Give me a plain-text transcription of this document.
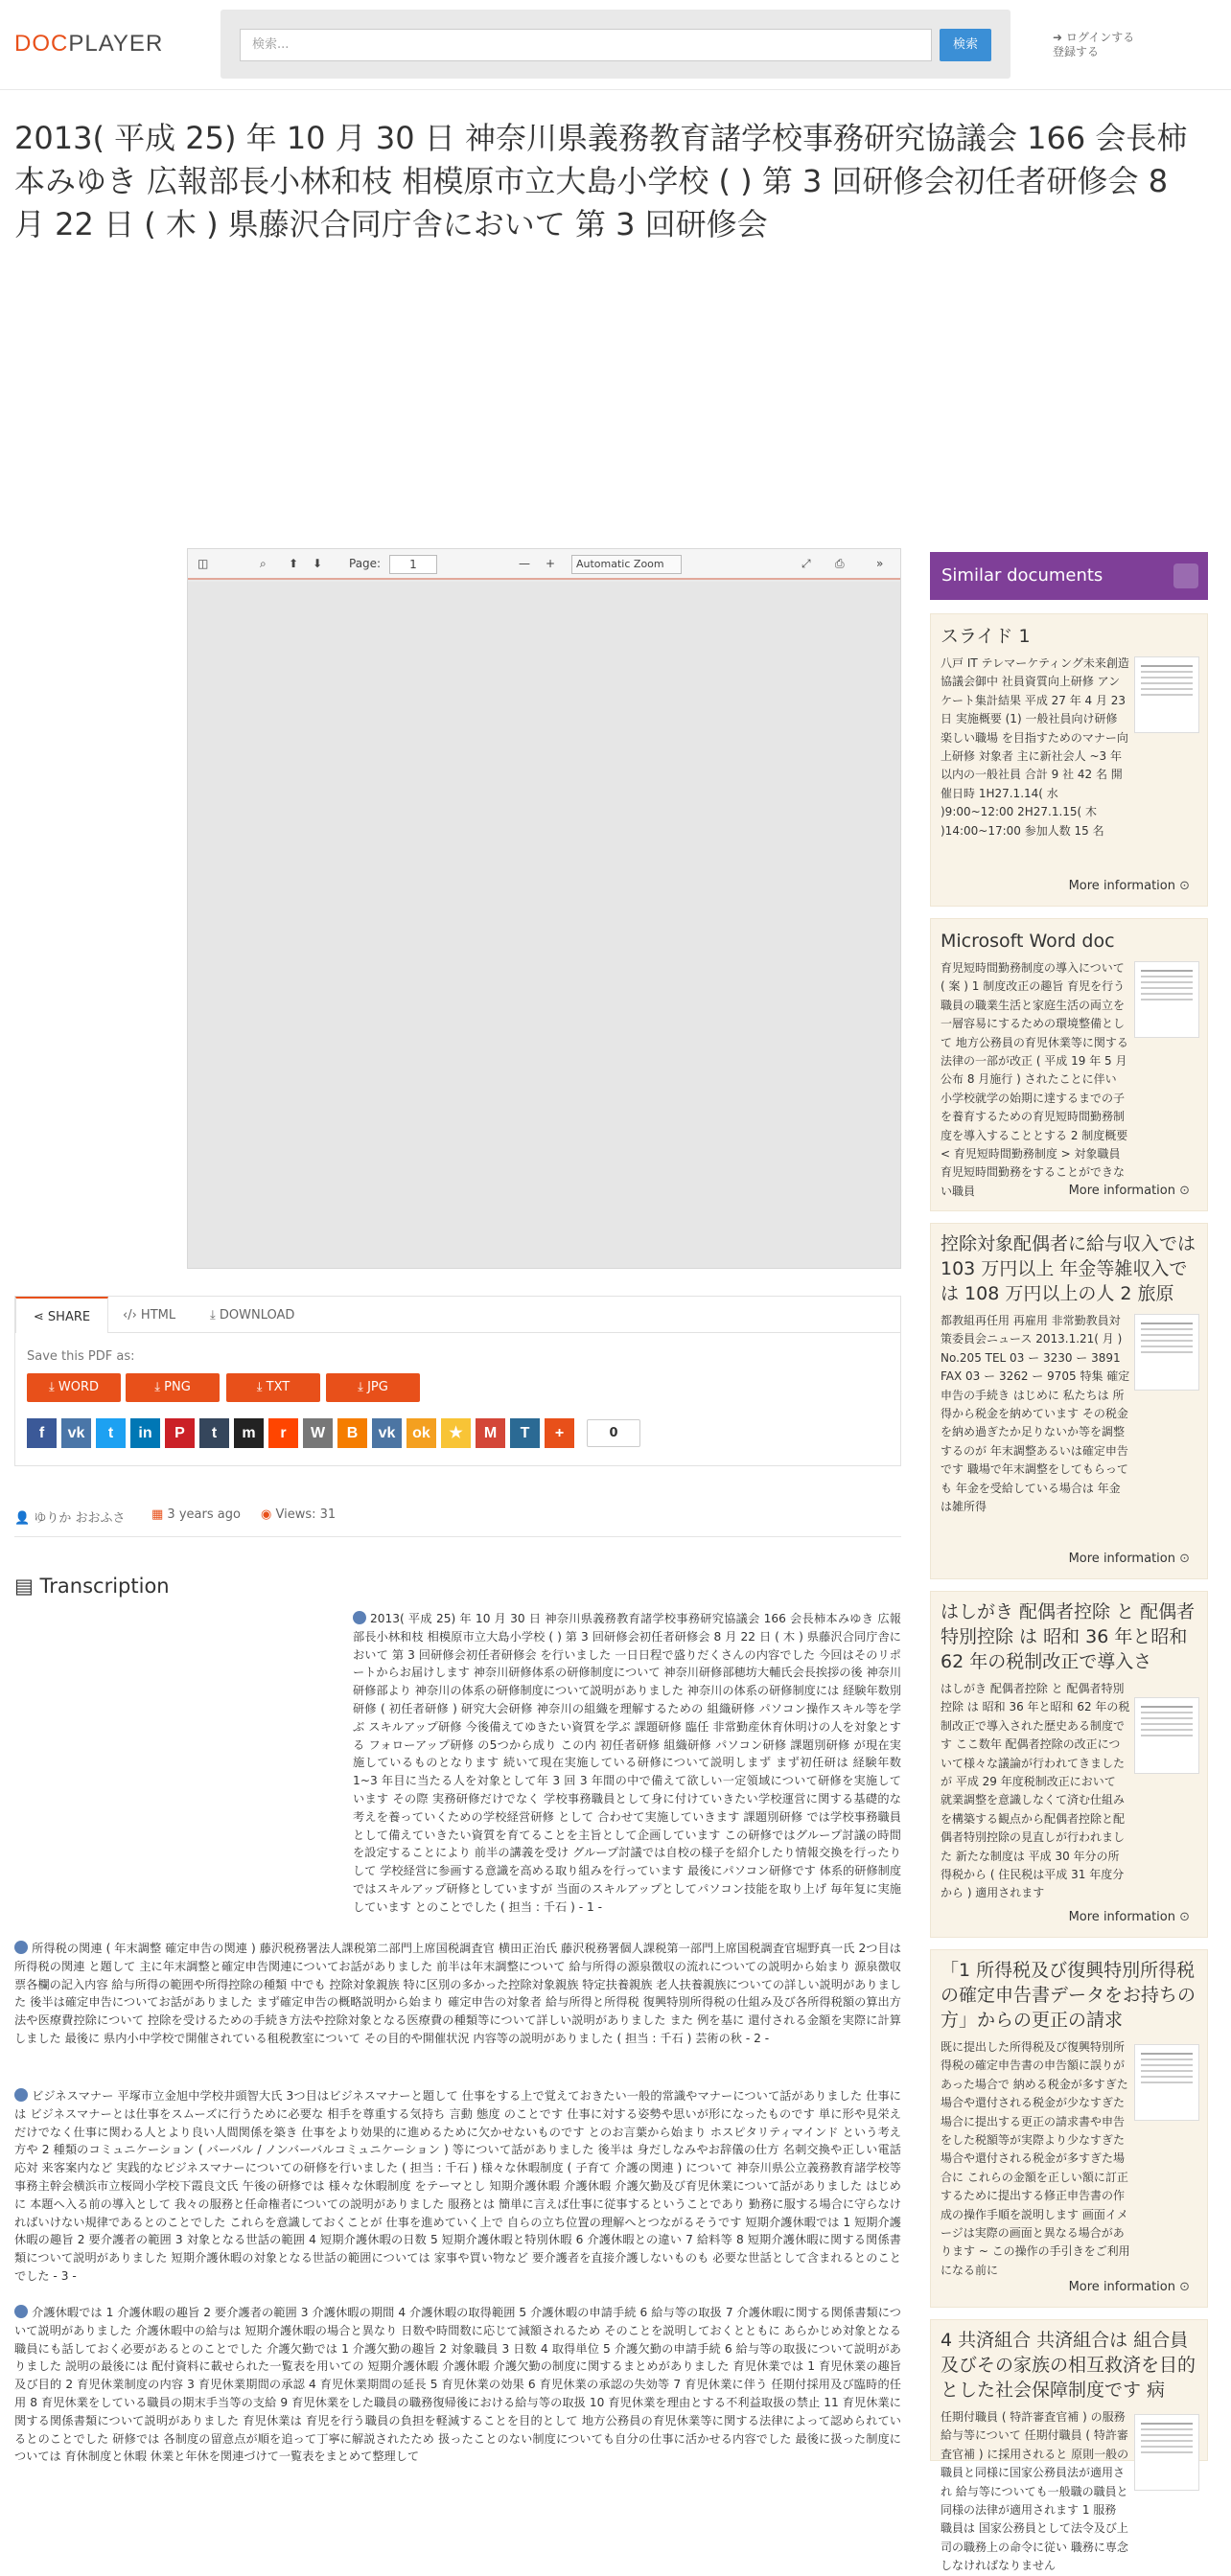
DOCPLAYER	検索...	検索	➜ ログインする
登録する
2013( 平成 25) 年 10 月 30 日 神奈川県義務教育諸学校事務研究協議会 166 会長柿本みゆき 広報部長小林和枝 相模原市立大島小学校 ( ) 第 3 回研修会初任者研修会 8 月 22 日 ( 木 ) 県藤沢合同庁舎において 第 3 回研修会
◫	⌕ ⬆ ⬇ Page:	1	— +	Automatic Zoom	⤢ ⎙	»
⋖ SHARE	‹/› HTML	⤓ DOWNLOAD
Save this PDF as:
⤓ WORD	⤓ PNG	⤓ TXT	⤓ JPG
f	vk	t	in	P	t	m	r	W	B	vk	ok	★	M	T	+	0
👤 ゆりか おおふさ ▦ 3 years ago ◉ Views: 31
▤ Transcription
2013( 平成 25) 年 10 月 30 日 神奈川県義務教育諸学校事務研究協議会 166 会長柿本みゆき 広報部長小林和枝 相模原市立大島小学校 ( ) 第 3 回研修会初任者研修会 8 月 22 日 ( 木 ) 県藤沢合同庁舎において 第 3 回研修会初任者研修会 を行いました 一日日程で盛りだくさんの内容でした 今回はそのリポートからお届けします 神奈川研修体系の研修制度について 神奈川研修部穂坊大輔氏会長挨拶の後 神奈川研修部より 神奈川の体系の研修制度について説明がありました 神奈川の体系の研修制度には 経験年数別研修 ( 初任者研修 ) 研究大会研修 神奈川の組織を理解するための 組織研修 パソコン操作スキル等を学ぶ スキルアップ研修 今後備えてゆきたい資質を学ぶ 課題研修 臨任 非常勤産休育休明けの人を対象とする フォローアップ研修 の5つから成り この内 初任者研修 組織研修 パソコン研修 課題別研修 が現在実施しているものとなります 続いて現在実施している研修について説明しまず まず初任研は 経験年数 1~3 年目に当たる人を対象として年 3 回 3 年間の中で備えて欲しい一定領域について研修を実施しています その際 実務研修だけでなく 学校事務職員として身に付けていきたい学校運営に関する基礎的な考えを養っていくための学校経営研修 として 合わせて実施していきます 課題別研修 では学校事務職員として備えていきたい資質を育てることを主旨として企画しています この研修ではグループ討議の時間を設定することにより 前半の講義を受け グループ討議では自校の様子を紹介したり情報交換を行ったりして 学校経営に参画する意識を高める取り組みを行っています 最後にパソコン研修です 体系的研修制度ではスキルアップ研修としていますが 当面のスキルアップとしてパソコン技能を取り上げ 毎年复に実施しています とのことでした ( 担当 : 千石 ) - 1 -
所得税の関連 ( 年末調整 確定申告の関連 ) 藤沢税務署法人課税第二部門上席国税調査官 横田正治氏 藤沢税務署個人課税第一部門上席国税調査官堀野真一氏 2つ目は 所得税の関連 と題して 主に年末調整と確定申告関連についてお話がありました 前半は年末調整について 給与所得の源泉徴収の流れについての説明から始まり 源泉徴収票各欄の記入内容 給与所得の範囲や所得控除の種類 中でも 控除対象親族 特に区別の多かった控除対象親族 特定扶養親族 老人扶養親族についての詳しい説明がありました 後半は確定申告についてお話がありました まず確定申告の概略説明から始まり 確定申告の対象者 給与所得と所得税 復興特別所得税の仕組み及び各所得税額の算出方法や医療費控除について 控除を受けるための手続き方法や控除対象となる医療費の種類等について詳しい説明がありました また 例を基に 還付される金額を実際に計算しました 最後に 県内小中学校で開催されている租税教室について その目的や開催状況 内容等の説明がありました ( 担当 : 千石 ) 芸術の秋 - 2 -
ビジネスマナー 平塚市立金旭中学校井頭智大氏 3つ目はビジネスマナーと題して 仕事をする上で覚えておきたい一般的常識やマナーについて話がありました 仕事には ビジネスマナーとは仕事をスムーズに行うために必要な 相手を尊重する気持ち 言動 態度 のことです 仕事に対する姿勢や思いが形になったものです 単に形や見栄えだけでなく仕事に関わる人とより良い人間関係を築き 仕事をより効果的に進めるために欠かせないものです とのお言葉から始まり ホスピタリティマインド という考え方や 2 種類のコミュニケーション ( バーバル / ノンバーバルコミュニケーション ) 等について話がありました 後半は 身だしなみやお辞儀の仕方 名刺交換や正しい電話応対 来客案内など 実践的なビジネスマナーについての研修を行いました ( 担当 : 千石 ) 様々な休暇制度 ( 子育て 介護の関連 ) について 神奈川県公立義務教育諸学校等事務主幹会横浜市立桜岡小学校下霞良文氏 午後の研修では 様々な休暇制度 をテーマとし 知期介護休暇 介護休暇 介護欠勤及び育児休業について話がありました はじめに 本題へ入る前の導入として 我々の服務と任命権者についての説明がありました 服務とは 簡単に言えば仕事に従事するということであり 勤務に服する場合に守らなければいけない規律であるとのことでした これらを意識しておくことが 仕事を進めていく上で 自らの立ち位置の理解へとつながるそうです 短期介護休暇では 1 短期介護休暇の趣旨 2 要介護者の範囲 3 対象となる世話の範囲 4 短期介護休暇の日数 5 短期介護休暇と特別休暇 6 介護休暇との違い 7 給料等 8 短期介護休暇に関する関係書類について説明がありました 短期介護休暇の対象となる世話の範囲については 家事や買い物など 要介護者を直接介護しないものも 必要な世話として含まれるとのことでした - 3 -
介護休暇では 1 介護休暇の趣旨 2 要介護者の範囲 3 介護休暇の期間 4 介護休暇の取得範囲 5 介護休暇の申請手続 6 給与等の取扱 7 介護休暇に関する関係書類について説明がありました 介護休暇中の給与は 短期介護休暇の場合と異なり 日数や時間数に応じて減額されるため そのことを説明しておくとともに あらかじめ対象となる職員にも話しておく必要があるとのことでした 介護欠勤では 1 介護欠勤の趣旨 2 対象職員 3 日数 4 取得単位 5 介護欠勤の申請手続 6 給与等の取扱について説明がありました 説明の最後には 配付資料に載せられた一覧表を用いての 短期介護休暇 介護休暇 介護欠勤の制度に関するまとめがありました 育児休業では 1 育児休業の趣旨及び目的 2 育児休業制度の内容 3 育児休業期間の承認 4 育児休業期間の延長 5 育児休業の効果 6 育児休業の承認の失効等 7 育児休業に伴う 任期付採用及び臨時的任用 8 育児休業をしている職員の期末手当等の支給 9 育児休業をした職員の職務復帰後における給与等の取扱 10 育児休業を理由とする不利益取扱の禁止 11 育児休業に関する関係書類について説明がありました 育児休業は 育児を行う職員の負担を軽減することを目的として 地方公務員の育児休業等に関する法律によって認められているとのことでした 研修では 各制度の留意点が順を追って丁寧に解説されたため 扱ったことのない制度についても自分の仕事に活かせる内容でした 最後に扱った制度については 育休制度と休暇 休業と年休を関連づけて一覧表をまとめて整理して
Similar documents
スライド 1

八戸 IT テレマーケティング未来創造協議会御中 社員資質向上研修 アンケート集計結果 平成 27 年 4 月 23 日 実施概要 (1) 一般社員向け研修 楽しい職場 を目指すためのマナー向上研修 対象者 主に新社会人 ~3 年以内の一般社員 合計 9 社 42 名 開催日時 1H27.1.14( 水 )9:00~12:00 2H27.1.15( 木 )14:00~17:00 参加人数 15 名

More information ⊙
Microsoft Word doc

育児短時間勤務制度の導入について ( 案 ) 1 制度改正の趣旨 育児を行う職員の職業生活と家庭生活の両立を一層容易にするための環境整備として 地方公務員の育児休業等に関する法律の一部が改正 ( 平成 19 年 5 月公布 8 月施行 ) されたことに伴い 小学校就学の始期に達するまでの子を養育するための育児短時間勤務制度を導入することとする 2 制度概要 < 育児短時間勤務制度 > 対象職員 育児短時間勤務をすることができない職員	More information ⊙
控除対象配偶者に給与収入では 103 万円以上 年金等雑収入では 108 万円以上の人 2 旅原

都教組再任用 再雇用 非常勤教員対策委員会ニュース 2013.1.21( 月 ) No.205 TEL 03 ー 3230 ー 3891 FAX 03 ー 3262 ー 9705 特集 確定申告の手続き はじめに 私たちは 所得から税金を納めています その税金を納め過ぎたか足りないか等を調整するのが 年末調整あるいは確定申告です 職場で年末調整をしてもらっても 年金を受給している場合は 年金は雑所得

More information ⊙
はしがき 配偶者控除 と 配偶者特別控除 は 昭和 36 年と昭和 62 年の税制改正で導入さ

はしがき 配偶者控除 と 配偶者特別控除 は 昭和 36 年と昭和 62 年の税制改正で導入された歴史ある制度です ここ数年 配偶者控除の改正について様々な議論が行われてきましたが 平成 29 年度税制改正において 就業調整を意識しなくて済む仕組みを構築する観点から配偶者控除と配偶者特別控除の見直しが行われました 新たな制度は 平成 30 年分の所得税から ( 住民税は平成 31 年度分から ) 適用されます

More information ⊙
「1 所得税及び復興特別所得税の確定申告書データをお持ちの方」からの更正の請求

既に提出した所得税及び復興特別所得税の確定申告書の申告額に誤りがあった場合で 納める税金が多すぎた場合や還付される税金が少なすぎた場合に提出する更正の請求書や申告をした税額等が実際より少なすぎた場合や還付される税金が多すぎた場合に これらの金額を正しい額に訂正するために提出する修正申告書の作成の操作手順を説明します 画面イメージは実際の画面と異なる場合があります ~ この操作の手引きをご利用になる前に

More information ⊙
4 共済組合 共済組合は 組合員及びその家族の相互救済を目的とした社会保障制度です 病

任期付職員 ( 特許審査官補 ) の服務 給与等について 任期付職員 ( 特許審査官補 ) に採用されると 原則一般の職員と同様に国家公務員法が適用され 給与等についても一般職の職員と同様の法律が適用されます 1 服務 職員は 国家公務員として法令及び上司の職務上の命令に従い 職務に専念しなければなりません
